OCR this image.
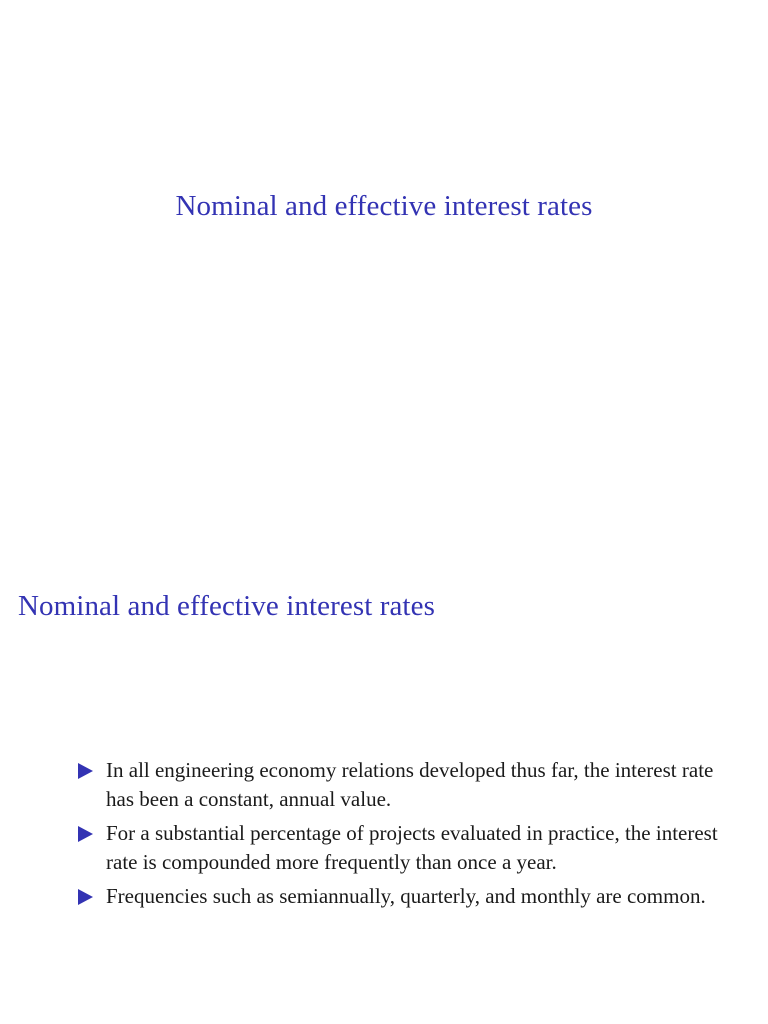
Nominal and effective interest rates
Nominal and effective interest rates
In all engineering economy relations developed thus far, the interest rate has been a constant, annual value.
For a substantial percentage of projects evaluated in practice, the interest rate is compounded more frequently than once a year.
Frequencies such as semiannually, quarterly, and monthly are common.
